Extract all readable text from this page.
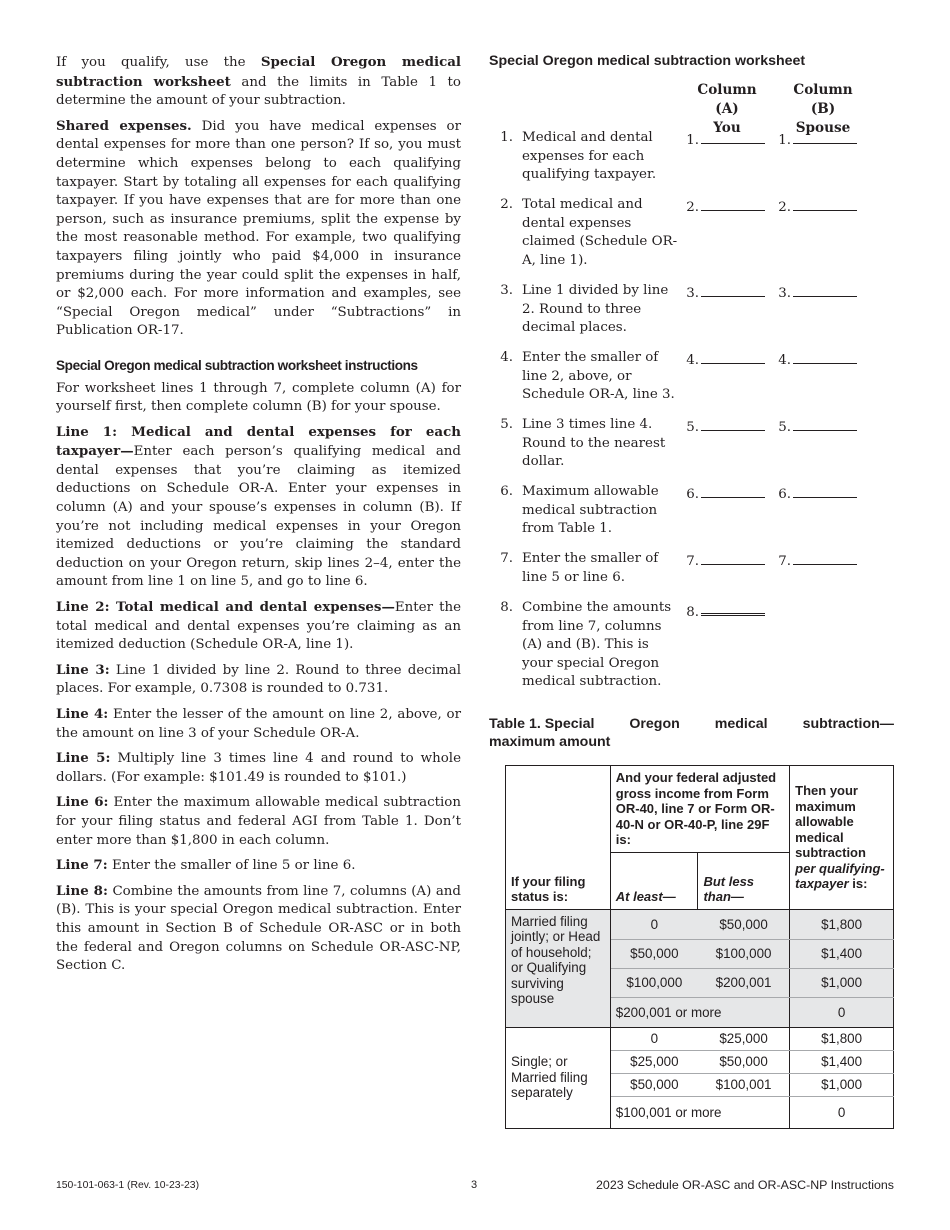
If you qualify, use the Special Oregon medical subtraction worksheet and the limits in Table 1 to determine the amount of your subtraction.

Shared expenses. Did you have medical expenses or dental expenses for more than one person? If so, you must determine which expenses belong to each qualifying taxpayer. Start by totaling all expenses for each qualifying taxpayer. If you have expenses that are for more than one person, such as insurance premiums, split the expense by the most reasonable method. For example, two qualifying taxpayers filing jointly who paid $4,000 in insurance premiums during the year could split the expenses in half, or $2,000 each. For more information and examples, see “Special Oregon medical” under “Subtractions” in Publication OR-17.

Special Oregon medical subtraction worksheet instructions

For worksheet lines 1 through 7, complete column (A) for yourself first, then complete column (B) for your spouse.

Line 1: Medical and dental expenses for each taxpayer—Enter each person’s qualifying medical and dental expenses that you’re claiming as itemized deductions on Schedule OR-A. Enter your expenses in column (A) and your spouse’s expenses in column (B). If you’re not including medical expenses in your Oregon itemized deductions or you’re claiming the standard deduction on your Oregon return, skip lines 2–4, enter the amount from line 1 on line 5, and go to line 6.

Line 2: Total medical and dental expenses—Enter the total medical and dental expenses you’re claiming as an itemized deduction (Schedule OR-A, line 1).

Line 3: Line 1 divided by line 2. Round to three decimal places. For example, 0.7308 is rounded to 0.731.

Line 4: Enter the lesser of the amount on line 2, above, or the amount on line 3 of your Schedule OR-A.

Line 5: Multiply line 3 times line 4 and round to whole dollars. (For example: $101.49 is rounded to $101.)

Line 6: Enter the maximum allowable medical subtraction for your filing status and federal AGI from Table 1. Don’t enter more than $1,800 in each column.

Line 7: Enter the smaller of line 5 or line 6.

Line 8: Combine the amounts from line 7, columns (A) and (B). This is your special Oregon medical subtraction. Enter this amount in Section B of Schedule OR-ASC or in both the federal and Oregon columns on Schedule OR-ASC-NP, Section C.

Special Oregon medical subtraction worksheet
Column (A)
You
Column (B)
Spouse
1. Medical and dental expenses for each qualifying taxpayer.
1.	1.
2. Total medical and dental expenses claimed (Schedule OR-A, line 1).
2.	2.
3. Line 1 divided by line 2. Round to three decimal places.
3.	3.
4. Enter the smaller of line 2, above, or Schedule OR-A, line 3.
4.	4.
5. Line 3 times line 4. Round to the nearest dollar.
5.	5.
6. Maximum allowable medical subtraction from Table 1.
6.	6.
7. Enter the smaller of line 5 or line 6.
7.	7.
8. Combine the amounts from line 7, columns (A) and (B). This is your special Oregon medical subtraction.
8.
Table 1. Special Oregon medical subtraction—
maximum amount
If your filing status is:	And your federal adjusted gross income from Form OR-40, line 7 or Form OR-40-N or OR-40-P, line 29F is:		Then your maximum allowable medical subtraction per qualifying-taxpayer is:
	At least—	But less than—	
Married filing jointly; or Head of household; or Qualifying surviving spouse	0	$50,000	$1,800
	$50,000	$100,000	$1,400
	$100,000	$200,001	$1,000
	$200,001 or more		0
Single; or Married filing separately	0	$25,000	$1,800
	$25,000	$50,000	$1,400
	$50,000	$100,001	$1,000
	$100,001 or more		0
150-101-063-1 (Rev. 10-23-23)	3	2023 Schedule OR-ASC and OR-ASC-NP Instructions
